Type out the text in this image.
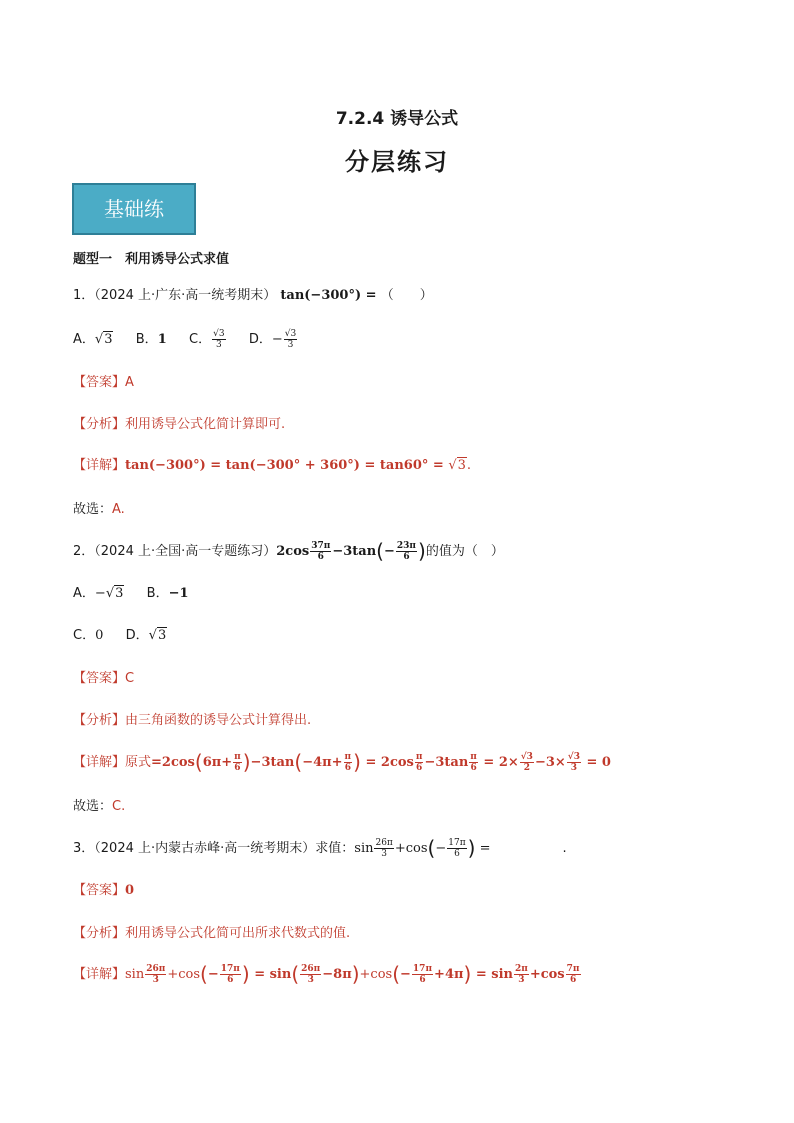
7.2.4 诱导公式
分层练习
基础练
题型一　利用诱导公式求值
1．（2024 上·广东·高一统考期末） tan(−300°) = （　　）
A．√3 B．1 C． $\frac{√3}{3}$ D．− $\frac{√3}{3}$
【答案】A
【分析】利用诱导公式化简计算即可.
【详解】tan(−300°) = tan(−300° + 360°) = tan60° = √3.
故选：A.
2．（2024 上·全国·高一专题练习）$2\cos \frac{37\pi}{6} -3\tan(- \frac{23\pi}{6}$ )的值为（　）
A．−√3 B．−1
C．0 D．√3
【答案】C
【分析】由三角函数的诱导公式计算得出.
【详解】原式$=2\cos(6\pi+ \frac{\pi}{6} )-3\tan(-4\pi+ \frac{\pi}{6}$ ) = $2\cos \frac{\pi}{6} -3\tan \frac{\pi}{6} = 2\times \frac{√3}{2} -3\times \frac{√3}{3} = 0$
故选：C.
3．（2024 上·内蒙古赤峰·高一统考期末）求值：$\sin \frac{26\pi}{3} +\cos(- \frac{17\pi}{6}$ ) =	.
【答案】0
【分析】利用诱导公式化简可出所求代数式的值.
【详解】$\sin \frac{26\pi}{3} +\cos(- \frac{17\pi}{6}$ ) = $\sin( \frac{26\pi}{3} -8\pi)+\cos(- \frac{17\pi}{6} +4\pi) = \sin \frac{2\pi}{3} +\cos \frac{7\pi}{6}$
